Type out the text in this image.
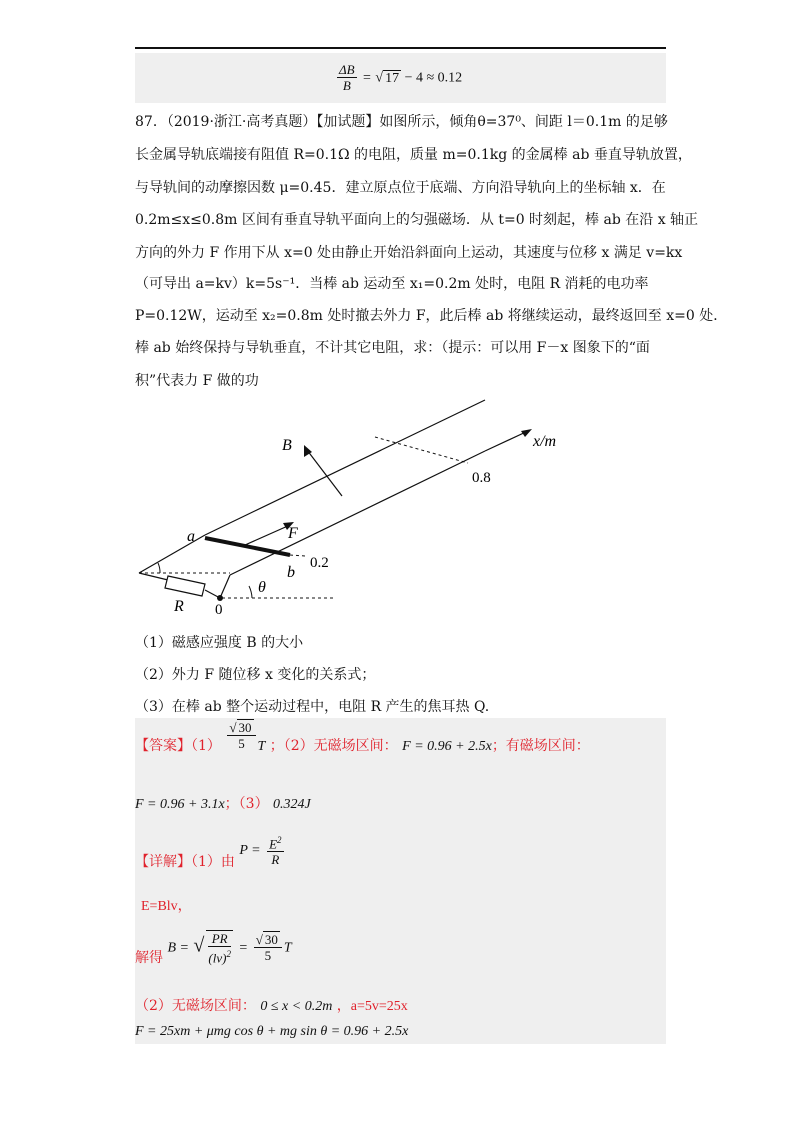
$\frac{\Delta B}{B}$ = √ 17 − 4 ≈ 0.12
87．（2019·浙江·高考真题）【加试题】如图所示，倾角θ=37⁰、间距 l＝0.1m 的足够
长金属导轨底端接有阻值 R=0.1Ω 的电阻，质量 m=0.1kg 的金属棒 ab 垂直导轨放置，
与导轨间的动摩擦因数 μ=0.45．建立原点位于底端、方向沿导轨向上的坐标轴 x．在
0.2m≤x≤0.8m 区间有垂直导轨平面向上的匀强磁场．从 t=0 时刻起，棒 ab 在沿 x 轴正
方向的外力 F 作用下从 x=0 处由静止开始沿斜面向上运动，其速度与位移 x 满足 v=kx
（可导出 a=kv）k=5s⁻¹．当棒 ab 运动至 x₁=0.2m 处时，电阻 R 消耗的电功率
P=0.12W，运动至 x₂=0.8m 处时撤去外力 F，此后棒 ab 将继续运动，最终返回至 x=0 处．
棒 ab 始终保持与导轨垂直，不计其它电阻，求：（提示：可以用 F－x 图象下的“面
积”代表力 F 做的功
B	x/m
0.8
a	F
b
0.2
θ
R 0
（1）磁感应强度 B 的大小
（2）外力 F 随位移 x 变化的关系式；
（3）在棒 ab 整个运动过程中，电阻 R 产生的焦耳热 Q.
【答案】$(1) \frac{√ 30}{5}$ T ；（2）无磁场区间： F = 0.96 + 2.5x；有磁场区间：
F = 0.96 + 3.1x；（3） 0.324J
【详解】（1）由 $P = \frac{E^2}{R}$
E=Blv，
解得 B = √ $\frac{PR}{(lv)^2} = \frac{√ 30}{5}$ T
（2）无磁场区间： 0 ≤ x < 0.2m ，a=5v=25x
F = 25xm + μmg cos θ + mg sin θ = 0.96 + 2.5x
